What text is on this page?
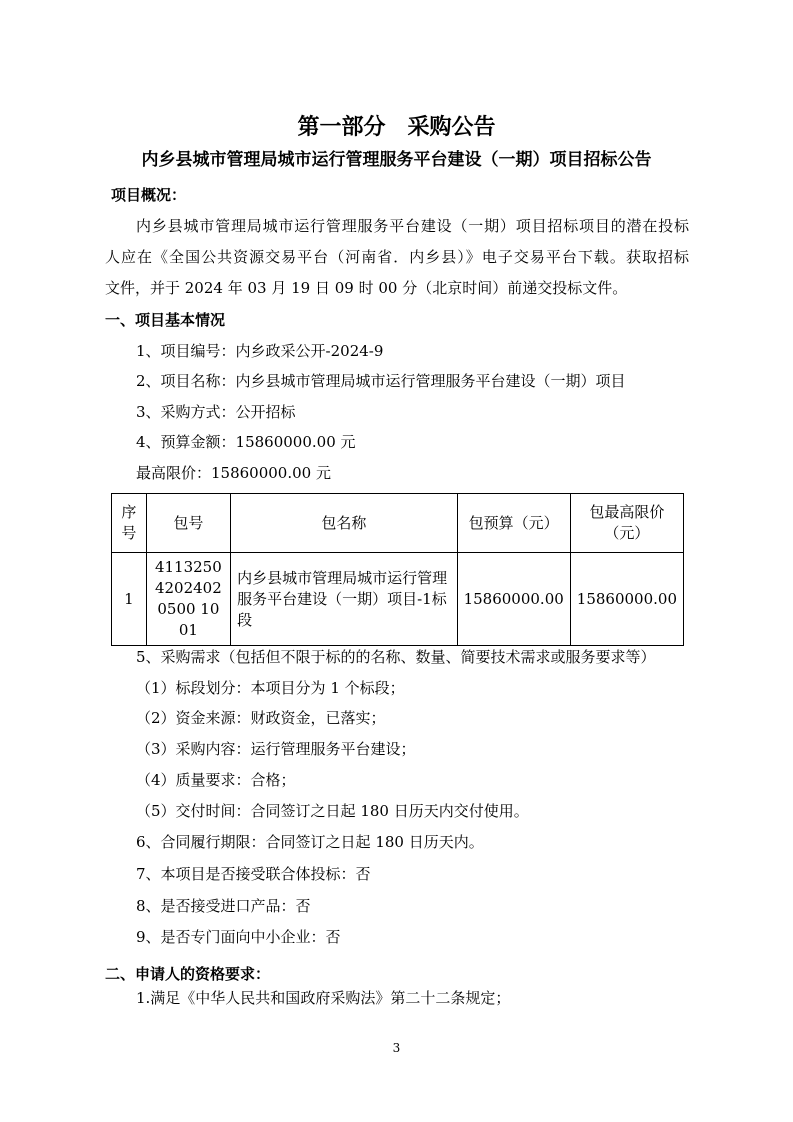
第一部分　采购公告
内乡县城市管理局城市运行管理服务平台建设（一期）项目招标公告
项目概况：
内乡县城市管理局城市运行管理服务平台建设（一期）项目招标项目的潜在投标
人应在《全国公共资源交易平台（河南省．内乡县）》电子交易平台下载。获取招标
文件，并于 2024 年 03 月 19 日 09 时 00 分（北京时间）前递交投标文件。
一、项目基本情况
1、项目编号：内乡政采公开-2024-9
2、项目名称：内乡县城市管理局城市运行管理服务平台建设（一期）项目
3、采购方式：公开招标
4、预算金额：15860000.00 元
最高限价：15860000.00 元
序号	包号	包名称	包预算（元）	包最高限价（元）
1	411325042024020500 1001	内乡县城市管理局城市运行管理服务平台建设（一期）项目-1标段	15860000.00	15860000.00
5、采购需求（包括但不限于标的的名称、数量、简要技术需求或服务要求等）
（1）标段划分：本项目分为 1 个标段；
（2）资金来源：财政资金，已落实；
（3）采购内容：运行管理服务平台建设；
（4）质量要求：合格；
（5）交付时间：合同签订之日起 180 日历天内交付使用。
6、合同履行期限：合同签订之日起 180 日历天内。
7、本项目是否接受联合体投标：否
8、是否接受进口产品：否
9、是否专门面向中小企业：否
二、申请人的资格要求：
1.满足《中华人民共和国政府采购法》第二十二条规定；
3
